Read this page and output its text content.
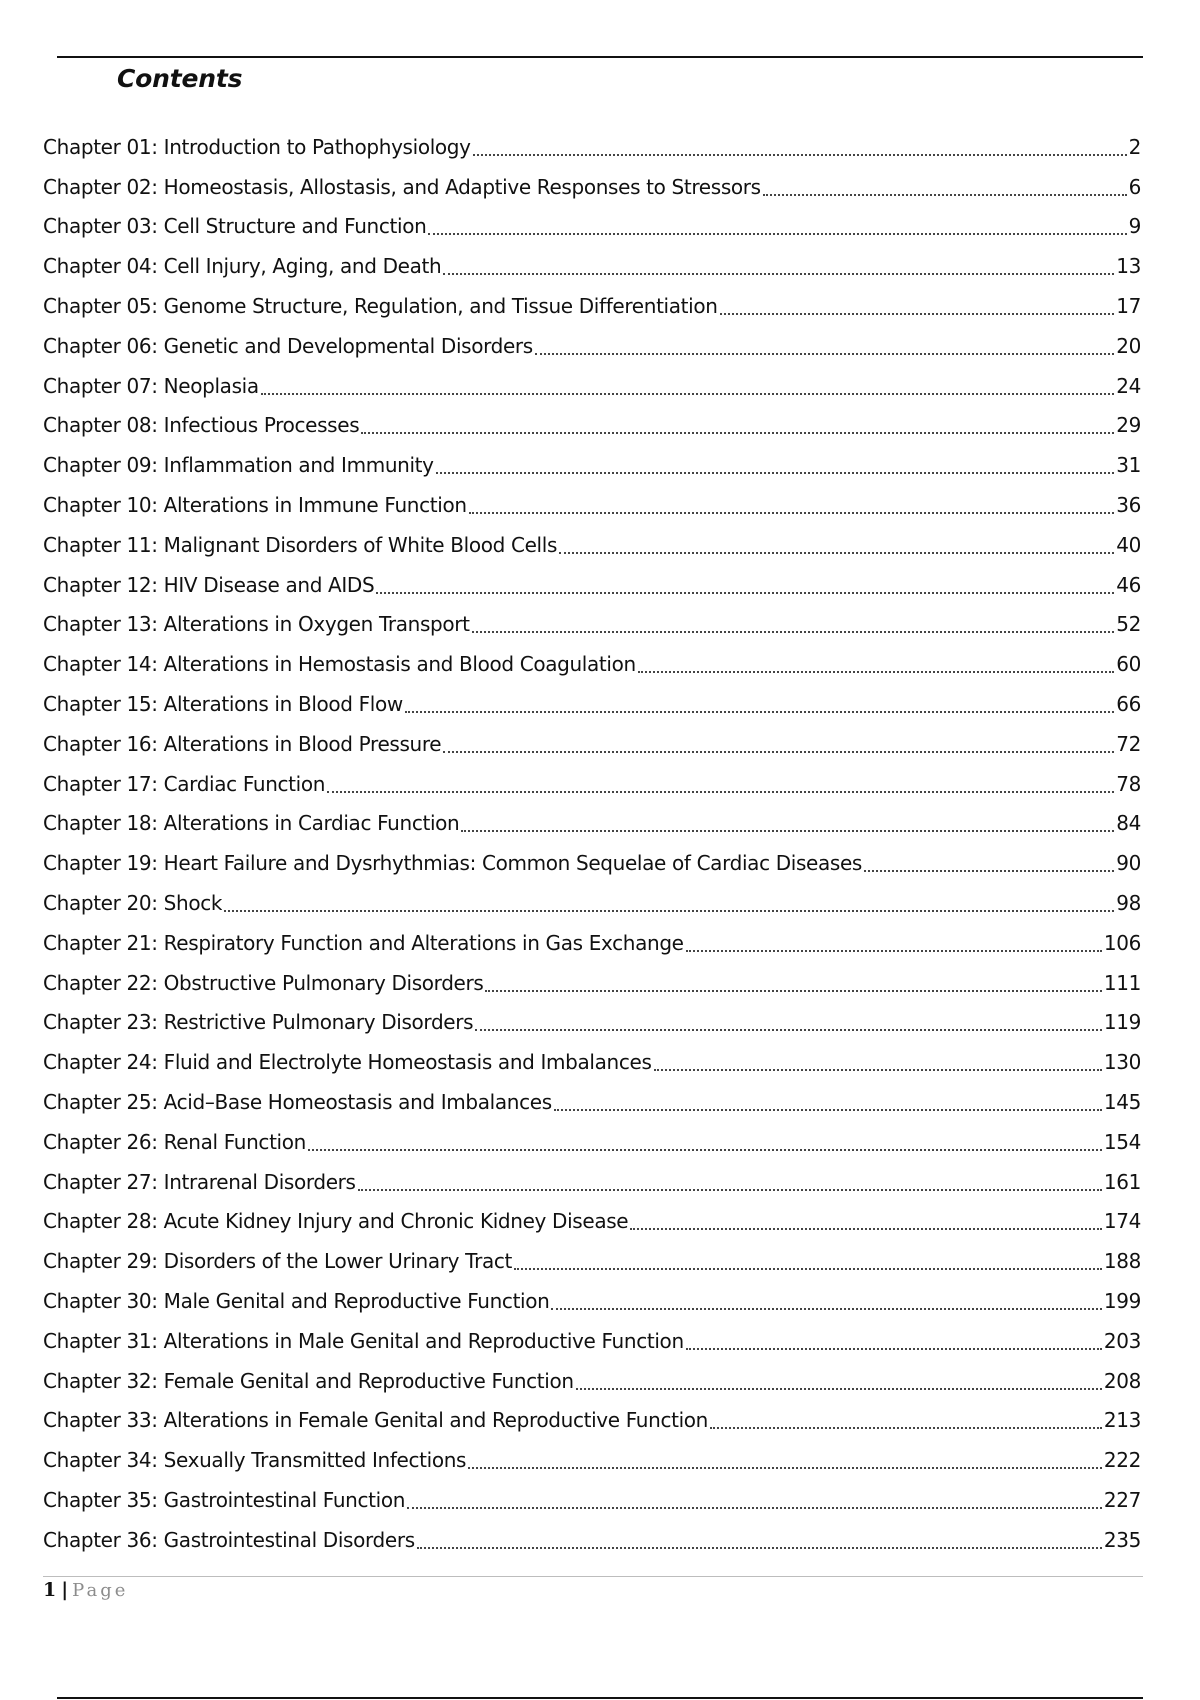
Contents
Chapter 01: Introduction to Pathophysiology	2
Chapter 02: Homeostasis, Allostasis, and Adaptive Responses to Stressors	6
Chapter 03: Cell Structure and Function	9
Chapter 04: Cell Injury, Aging, and Death	13
Chapter 05: Genome Structure, Regulation, and Tissue Differentiation	17
Chapter 06: Genetic and Developmental Disorders	20
Chapter 07: Neoplasia	24
Chapter 08: Infectious Processes	29
Chapter 09: Inflammation and Immunity	31
Chapter 10: Alterations in Immune Function	36
Chapter 11: Malignant Disorders of White Blood Cells	40
Chapter 12: HIV Disease and AIDS	46
Chapter 13: Alterations in Oxygen Transport	52
Chapter 14: Alterations in Hemostasis and Blood Coagulation	60
Chapter 15: Alterations in Blood Flow	66
Chapter 16: Alterations in Blood Pressure	72
Chapter 17: Cardiac Function	78
Chapter 18: Alterations in Cardiac Function	84
Chapter 19: Heart Failure and Dysrhythmias: Common Sequelae of Cardiac Diseases	90
Chapter 20: Shock	98
Chapter 21: Respiratory Function and Alterations in Gas Exchange	106
Chapter 22: Obstructive Pulmonary Disorders	111
Chapter 23: Restrictive Pulmonary Disorders	119
Chapter 24: Fluid and Electrolyte Homeostasis and Imbalances	130
Chapter 25: Acid–Base Homeostasis and Imbalances	145
Chapter 26: Renal Function	154
Chapter 27: Intrarenal Disorders	161
Chapter 28: Acute Kidney Injury and Chronic Kidney Disease	174
Chapter 29: Disorders of the Lower Urinary Tract	188
Chapter 30: Male Genital and Reproductive Function	199
Chapter 31: Alterations in Male Genital and Reproductive Function	203
Chapter 32: Female Genital and Reproductive Function	208
Chapter 33: Alterations in Female Genital and Reproductive Function	213
Chapter 34: Sexually Transmitted Infections	222
Chapter 35: Gastrointestinal Function	227
Chapter 36: Gastrointestinal Disorders	235
1 | Page
